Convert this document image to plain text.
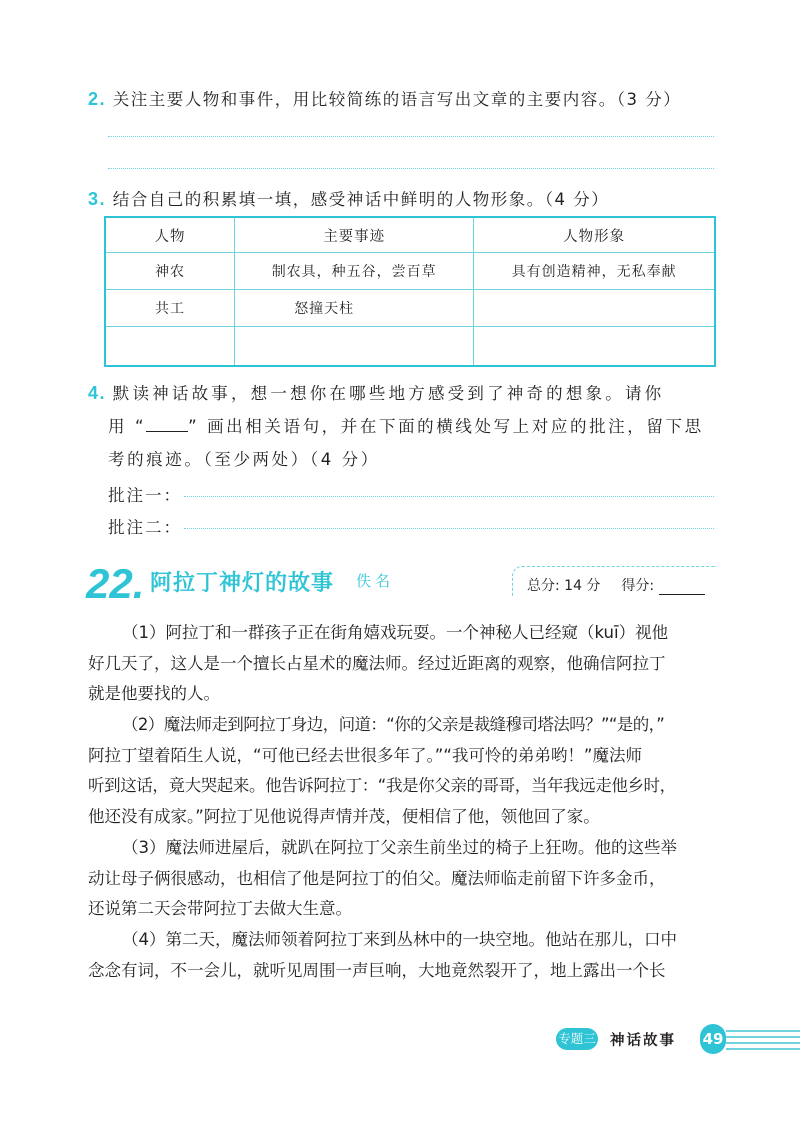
2. 关注主要人物和事件，用比较简练的语言写出文章的主要内容。（3 分）
3. 结合自己的积累填一填，感受神话中鲜明的人物形象。（4 分）
人物	主要事迹	人物形象
神农	制农具，种五谷，尝百草	具有创造精神，无私奉献
共工	怒撞天柱	

4. 默读神话故事，想一想你在哪些地方感受到了神奇的想象。请你
用 “	” 画出相关语句，并在下面的横线处写上对应的批注，留下思
考的痕迹。（至少两处）（4 分）
批注一：
批注二：
22. 阿拉丁神灯的故事 佚名	总分: 14 分 得分:
（1）阿拉丁和一群孩子正在街角嬉戏玩耍。一个神秘人已经窥（kuī）视他
好几天了，这人是一个擅长占星术的魔法师。经过近距离的观察，他确信阿拉丁
就是他要找的人。
（2）魔法师走到阿拉丁身边，问道：“你的父亲是裁缝穆司塔法吗？”“是的，”
阿拉丁望着陌生人说，“可他已经去世很多年了。”“我可怜的弟弟哟！”魔法师
听到这话，竟大哭起来。他告诉阿拉丁：“我是你父亲的哥哥，当年我远走他乡时，
他还没有成家。”阿拉丁见他说得声情并茂，便相信了他，领他回了家。
（3）魔法师进屋后，就趴在阿拉丁父亲生前坐过的椅子上狂吻。他的这些举
动让母子俩很感动，也相信了他是阿拉丁的伯父。魔法师临走前留下许多金币，
还说第二天会带阿拉丁去做大生意。
（4）第二天，魔法师领着阿拉丁来到丛林中的一块空地。他站在那儿，口中
念念有词，不一会儿，就听见周围一声巨响，大地竟然裂开了，地上露出一个长
专题三 神话故事 49
